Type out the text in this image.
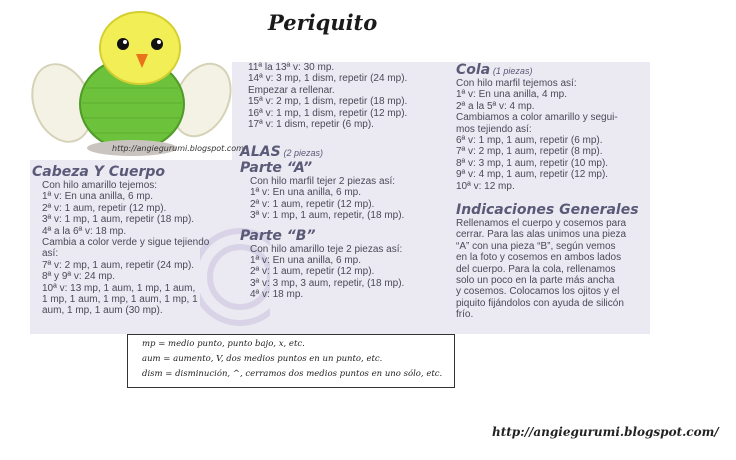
Periquito
http://angiegurumi.blogspot.com/

Cabeza Y Cuerpo

Con hilo amarillo tejemos:

1ª v: En una anilla, 6 mp.

2ª v: 1 aum, repetir (12 mp).

3ª v: 1 mp, 1 aum, repetir (18 mp).

4ª a la 6ª v: 18 mp.

Cambia a color verde y sigue tejiendo

así:

7ª v: 2 mp, 1 aum, repetir (24 mp).

8ª y 9ª v: 24 mp.

10ª v: 13 mp, 1 aum, 1 mp, 1 aum,

1 mp, 1 aum, 1 mp, 1 aum, 1 mp, 1

aum, 1 mp, 1 aum (30 mp).

11ª la 13ª v: 30 mp.

14ª v: 3 mp, 1 dism, repetir (24 mp).

Empezar a rellenar.

15ª v: 2 mp, 1 dism, repetir (18 mp).

16ª v: 1 mp, 1 dism, repetir (12 mp).

17ª v: 1 dism, repetir (6 mp).

ALAS (2 piezas)

Parte “A”

Con hilo marfil tejer 2 piezas así:

1ª v: En una anilla, 6 mp.

2ª v: 1 aum, repetir (12 mp).

3ª v: 1 mp, 1 aum, repetir, (18 mp).

Parte “B”

Con hilo amarillo teje 2 piezas así:

1ª v: En una anilla, 6 mp.

2ª v: 1 aum, repetir (12 mp).

3ª v: 3 mp, 3 aum, repetir, (18 mp).

4ª v: 18 mp.

Cola (1 piezas)

Con hilo marfil tejemos así:

1ª v: En una anilla, 4 mp.

2ª a la 5ª v: 4 mp.

Cambiamos a color amarillo y segui-

mos tejiendo así:

6ª v: 1 mp, 1 aum, repetir (6 mp).

7ª v: 2 mp, 1 aum, repetir (8 mp).

8ª v: 3 mp, 1 aum, repetir (10 mp).

9ª v: 4 mp, 1 aum, repetir (12 mp).

10ª v: 12 mp.

Indicaciones Generales

Rellenamos el cuerpo y cosemos para

cerrar. Para las alas unimos una pieza

“A” con una pieza “B”, según vemos

en la foto y cosemos en ambos lados

del cuerpo. Para la cola, rellenamos

solo un poco en la parte más ancha

y cosemos. Colocamos los ojitos y el

piquito fijándolos con ayuda de silicón

frío.

mp = medio punto, punto bajo, x, etc.

aum = aumento, V, dos medios puntos en un punto, etc.

dism = disminución, ^, cerramos dos medios puntos en uno sólo, etc.

http://angiegurumi.blogspot.com/
